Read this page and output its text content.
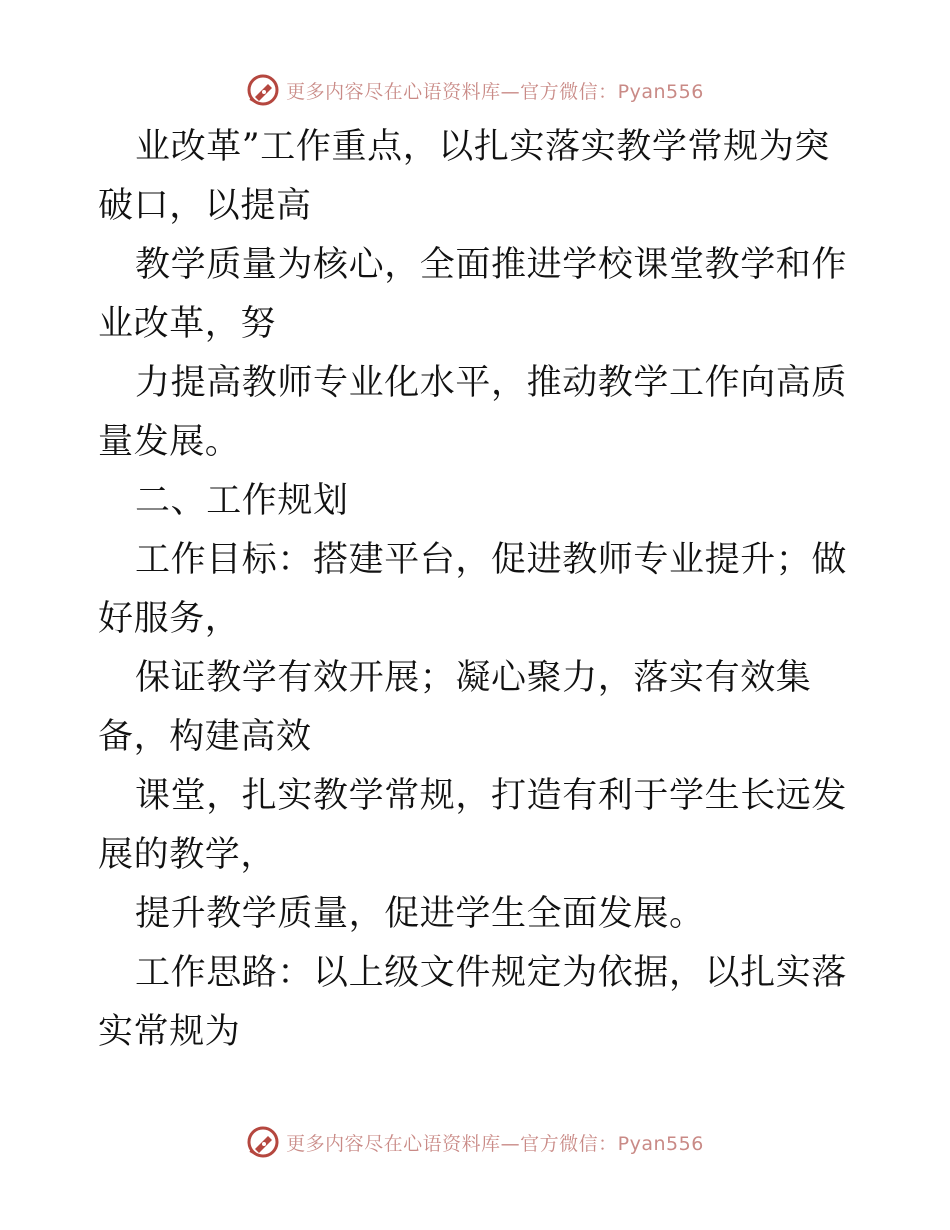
更多内容尽在心语资料库—官方微信：Pyan556

业改革”工作重点，以扎实落实教学常规为突破口，以提高

教学质量为核心，全面推进学校课堂教学和作业改革，努

力提高教师专业化水平，推动教学工作向高质量发展。

二、工作规划

工作目标：搭建平台，促进教师专业提升；做好服务，

保证教学有效开展；凝心聚力，落实有效集备，构建高效

课堂，扎实教学常规，打造有利于学生长远发展的教学，

提升教学质量，促进学生全面发展。

工作思路：以上级文件规定为依据，以扎实落实常规为

更多内容尽在心语资料库—官方微信：Pyan556
